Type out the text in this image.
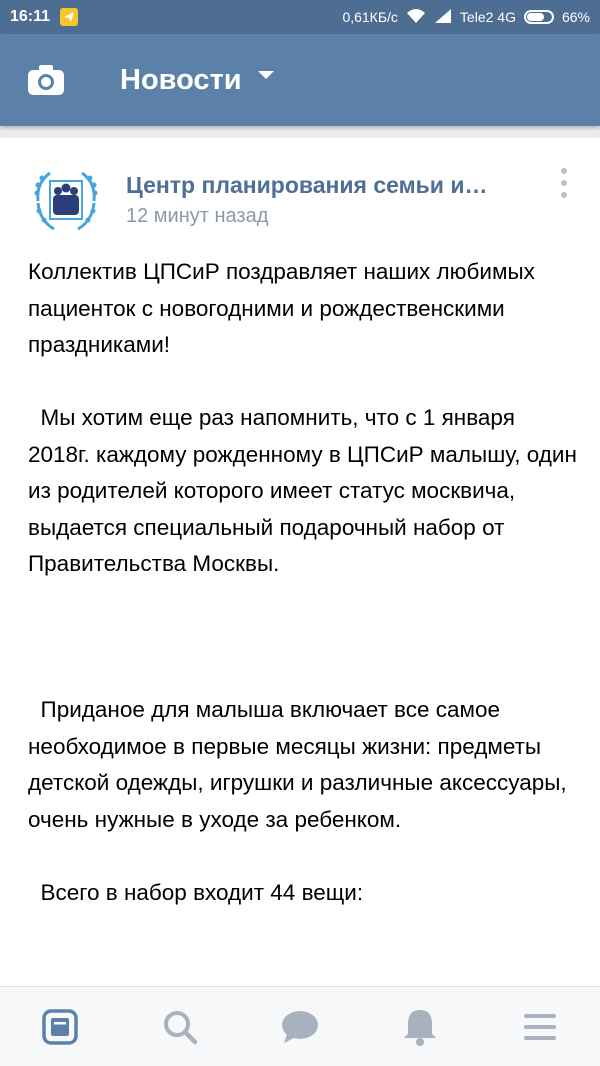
16:11	0,61КБ/с	Tele2 4G	66%
Новости
Центр планирования семьи и…
12 минут назад
Коллектив ЦПСиР поздравляет наших любимых пациенток с новогодними и рождественскими праздниками!

Мы хотим еще раз напомнить, что с 1 января 2018г. каждому рожденному в ЦПСиР малышу, один из родителей которого имеет статус москвича, выдается специальный подарочный набор от Правительства Москвы.

Приданое для малыша включает все самое необходимое в первые месяцы жизни: предметы детской одежды, игрушки и различные аксессуары, очень нужные в уходе за ребенком.

Всего в набор входит 44 вещи:
